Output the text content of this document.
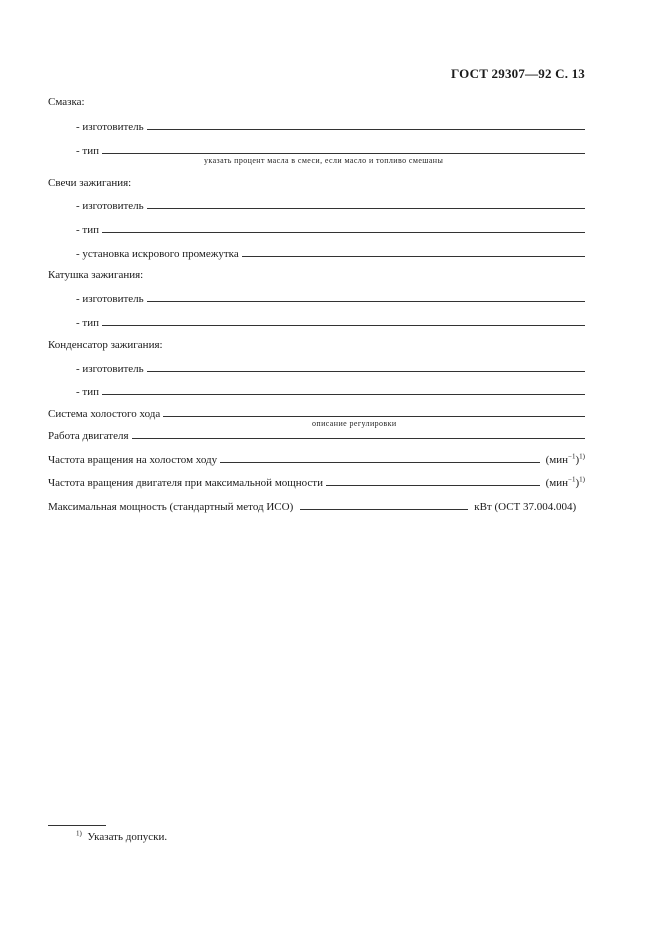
ГОСТ 29307—92 С. 13
Смазка:
- изготовитель
- тип
указать процент масла в смеси, если масло и топливо смешаны
Свечи зажигания:
- изготовитель
- тип
- установка искрового промежутка
Катушка зажигания:
- изготовитель
- тип
Конденсатор зажигания:
- изготовитель
- тип
Система холостого хода
описание регулировки
Работа двигателя
Частота вращения на холостом ходу	$(мин^{-1})^{1)}$
Частота вращения двигателя при максимальной мощности	$(мин^{-1})^{1)}$
Максимальная мощность (стандартный метод ИСО)	кВт (ОСТ 37.004.004)
$^{1)}$ Указать допуски.
